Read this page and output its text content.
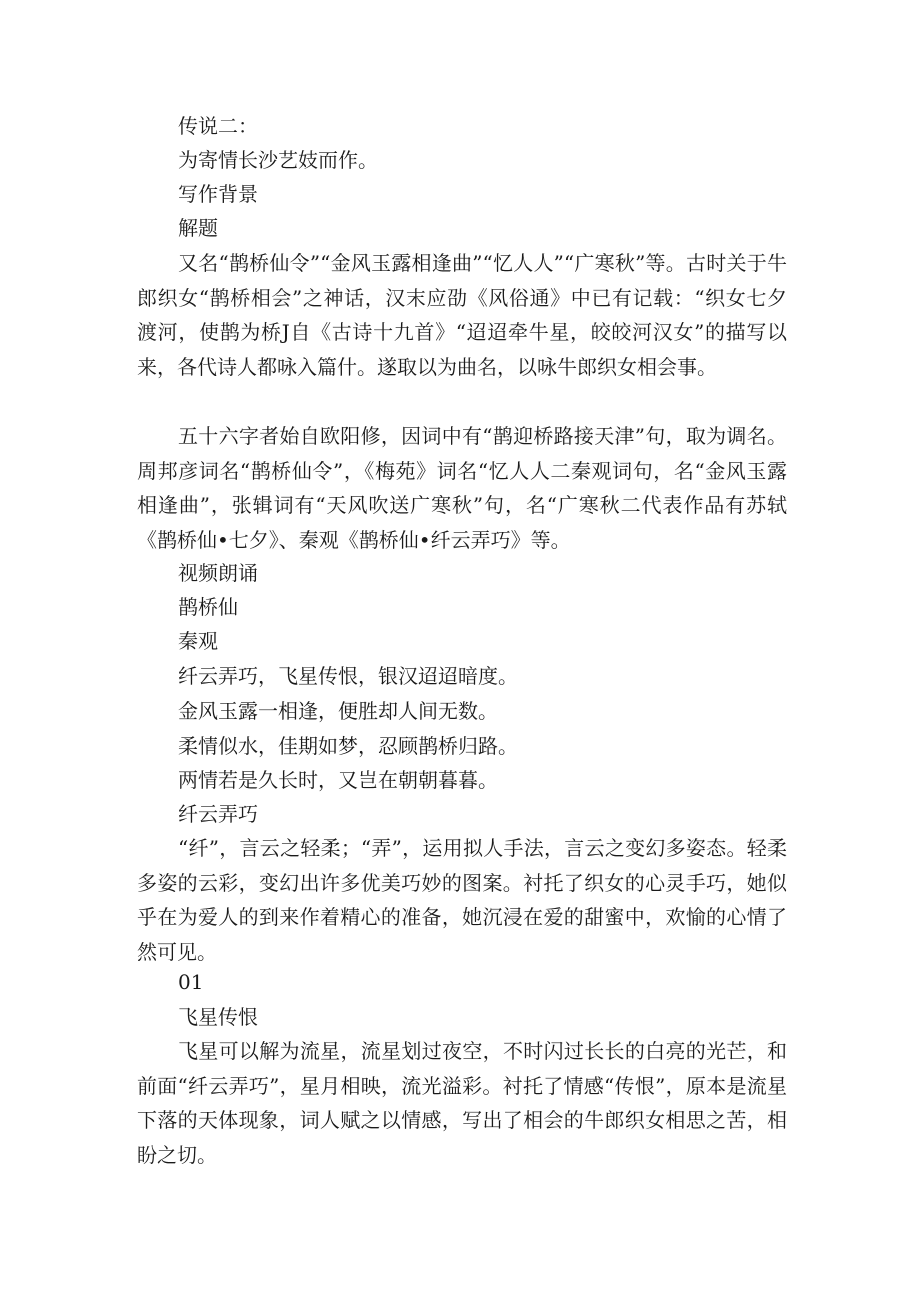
传说二：
为寄情长沙艺妓而作。
写作背景
解题

又名“鹊桥仙令”“金风玉露相逢曲”“忆人人”“广寒秋”等。古时关于牛郎织女“鹊桥相会”之神话，汉末应劭《风俗通》中已有记载：“织女七夕渡河，使鹊为桥J自《古诗十九首》“迢迢牵牛星，皎皎河汉女”的描写以来，各代诗人都咏入篇什。遂取以为曲名，以咏牛郎织女相会事。

五十六字者始自欧阳修，因词中有“鹊迎桥路接天津”句，取为调名。周邦彦词名“鹊桥仙令”，《梅苑》词名“忆人人二秦观词句，名“金风玉露相逢曲”，张辑词有“天风吹送广寒秋”句，名“广寒秋二代表作品有苏轼《鹊桥仙•七夕》、秦观《鹊桥仙•纤云弄巧》等。

视频朗诵
鹊桥仙
秦观
纤云弄巧，飞星传恨，银汉迢迢暗度。
金风玉露一相逢，便胜却人间无数。
柔情似水，佳期如梦，忍顾鹊桥归路。
两情若是久长时，又岂在朝朝暮暮。
纤云弄巧

“纤”，言云之轻柔；“弄”，运用拟人手法，言云之变幻多姿态。轻柔多姿的云彩，变幻出许多优美巧妙的图案。衬托了织女的心灵手巧，她似乎在为爱人的到来作着精心的准备，她沉浸在爱的甜蜜中，欢愉的心情了然可见。

01
飞星传恨

飞星可以解为流星，流星划过夜空，不时闪过长长的白亮的光芒，和前面“纤云弄巧”，星月相映，流光溢彩。衬托了情感“传恨”，原本是流星下落的天体现象，词人赋之以情感，写出了相会的牛郎织女相思之苦，相盼之切。
